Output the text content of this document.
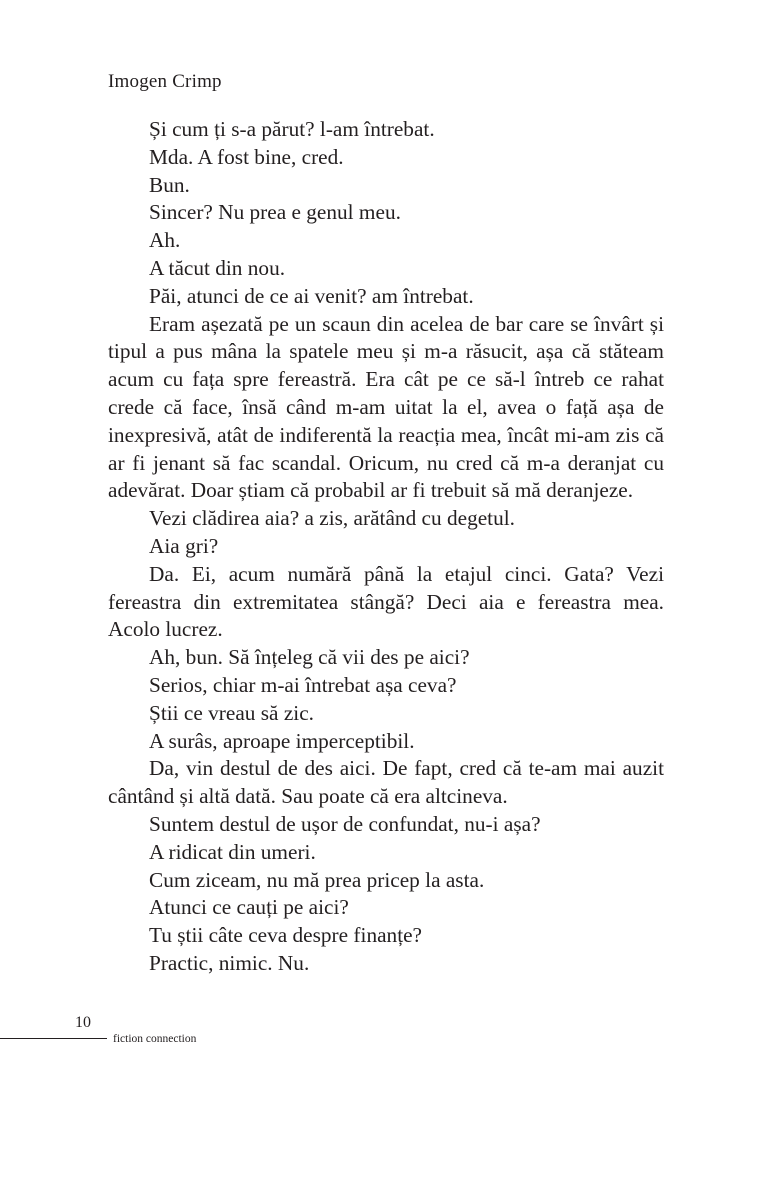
Imogen Crimp

Și cum ți s-a părut? l-am întrebat.

Mda. A fost bine, cred.

Bun.

Sincer? Nu prea e genul meu.

Ah.

A tăcut din nou.

Păi, atunci de ce ai venit? am întrebat.

Eram așezată pe un scaun din acelea de bar care se învârt și tipul a pus mâna la spatele meu și m-a răsucit, așa că stăteam acum cu fața spre fereastră. Era cât pe ce să-l întreb ce rahat crede că face, însă când m-am uitat la el, avea o față așa de inexpresivă, atât de indiferentă la reacția mea, încât mi-am zis că ar fi jenant să fac scandal. Oricum, nu cred că m-a deranjat cu adevărat. Doar știam că probabil ar fi trebuit să mă deranjeze.

Vezi clădirea aia? a zis, arătând cu degetul.

Aia gri?

Da. Ei, acum numără până la etajul cinci. Gata? Vezi fereastra din extremitatea stângă? Deci aia e fereastra mea. Acolo lucrez.

Ah, bun. Să înțeleg că vii des pe aici?

Serios, chiar m-ai întrebat așa ceva?

Știi ce vreau să zic.

A surâs, aproape imperceptibil.

Da, vin destul de des aici. De fapt, cred că te-am mai auzit cântând și altă dată. Sau poate că era altcineva.

Suntem destul de ușor de confundat, nu-i așa?

A ridicat din umeri.

Cum ziceam, nu mă prea pricep la asta.

Atunci ce cauți pe aici?

Tu știi câte ceva despre finanțe?

Practic, nimic. Nu.

10
fiction connection
